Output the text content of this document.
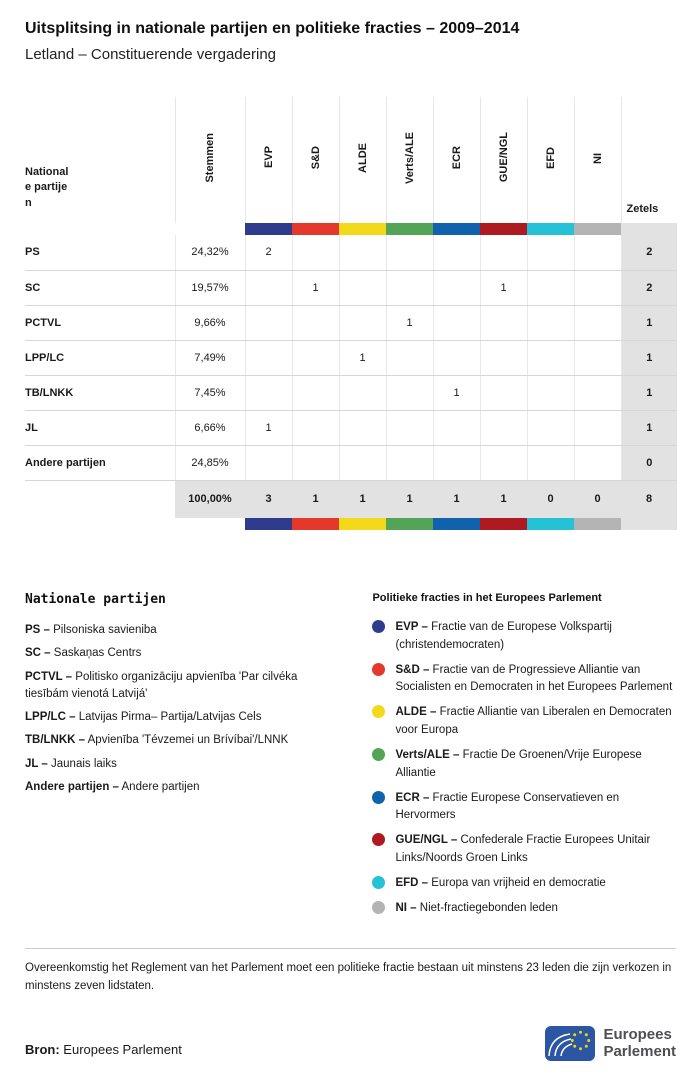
Uitsplitsing in nationale partijen en politieke fracties – 2009–2014
Letland – Constituerende vergadering
Nationale partijen	Stemmen	EVP	S&D	ALDE	Verts/ALE	ECR	GUE/NGL	EFD	NI	Zetels

PS	24,32%	2								2
SC	19,57%		1				1			2
PCTVL	9,66%				1					1
LPP/LC	7,49%			1						1
TB/LNKK	7,45%					1				1
JL	6,66%	1								1
Andere partijen	24,85%									0
	100,00%	3	1	1	1	1	1	0	0	8

Nationale partijen

PS – Pilsoniska savieniba

SC – Saskaņas Centrs

PCTVL – Politisko organizāciju apvienība 'Par cilvéka tiesībám vienotá Latvijá'

LPP/LC – Latvijas Pirma– Partija/Latvijas Cels

TB/LNKK – Apvienība 'Tévzemei un Brívíbai'/LNNK

JL – Jaunais laiks

Andere partijen – Andere partijen

Politieke fracties in het Europees Parlement

EVP – Fractie van de Europese Volkspartij (christendemocraten)

S&D – Fractie van de Progressieve Alliantie van Socialisten en Democraten in het Europees Parlement

ALDE – Fractie Alliantie van Liberalen en Democraten voor Europa

Verts/ALE – Fractie De Groenen/Vrije Europese Alliantie

ECR – Fractie Europese Conservatieven en Hervormers

GUE/NGL – Confederale Fractie Europees Unitair Links/Noords Groen Links

EFD – Europa van vrijheid en democratie

NI – Niet-fractiegebonden leden

Overeenkomstig het Reglement van het Parlement moet een politieke fractie bestaan uit minstens 23 leden die zijn verkozen in minstens zeven lidstaten.

Bron: Europees Parlement
Europees
Parlement
